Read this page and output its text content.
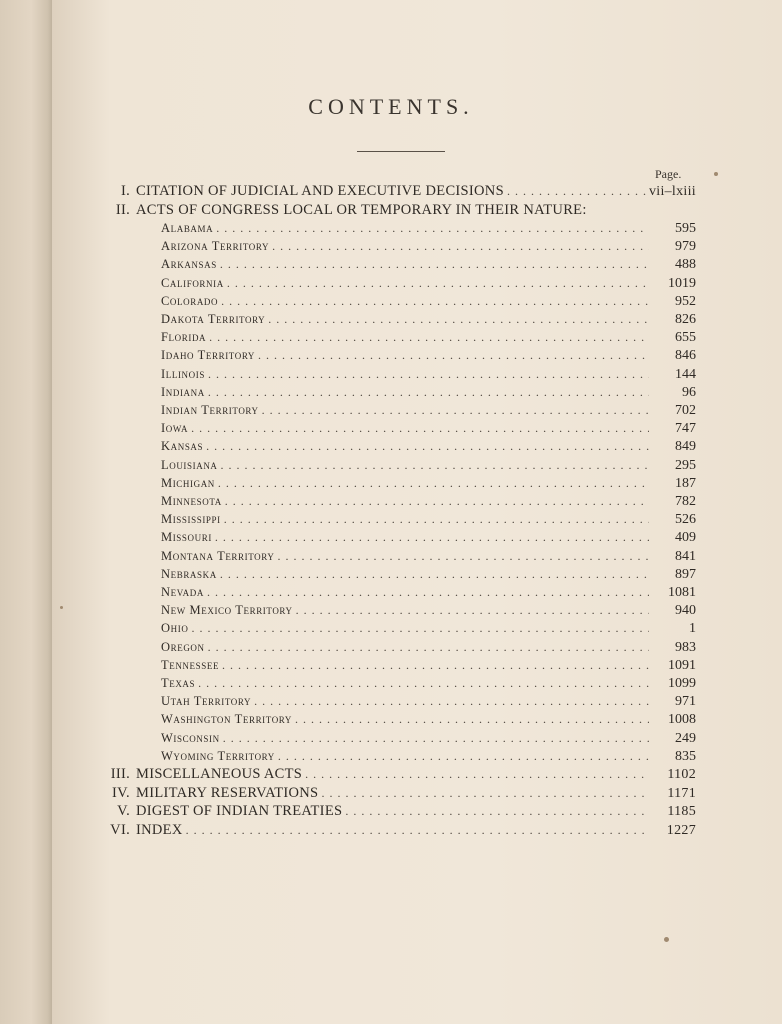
CONTENTS.
Page.
I. CITATION OF JUDICIAL AND EXECUTIVE DECISIONS . . .	vii–lxiii
II. ACTS OF CONGRESS LOCAL OR TEMPORARY IN THEIR NATURE:
Alabama . . .	595
Arizona Territory . . .	979
Arkansas . . .	488
California . . .	1019
Colorado . . .	952
Dakota Territory . . .	826
Florida . . .	655
Idaho Territory . . .	846
Illinois . . .	144
Indiana . . .	96
Indian Territory . . .	702
Iowa . . .	747
Kansas . . .	849
Louisiana . . .	295
Michigan . . .	187
Minnesota . . .	782
Mississippi . . .	526
Missouri . . .	409
Montana Territory . . .	841
Nebraska . . .	897
Nevada . . .	1081
New Mexico Territory . . .	940
Ohio . . .	1
Oregon . . .	983
Tennessee . . .	1091
Texas . . .	1099
Utah Territory . . .	971
Washington Territory . . .	1008
Wisconsin . . .	249
Wyoming Territory . . .	835
III. MISCELLANEOUS ACTS . . .	1102
IV. MILITARY RESERVATIONS . . .	1171
V. DIGEST OF INDIAN TREATIES . . .	1185
VI. INDEX . . .	1227
